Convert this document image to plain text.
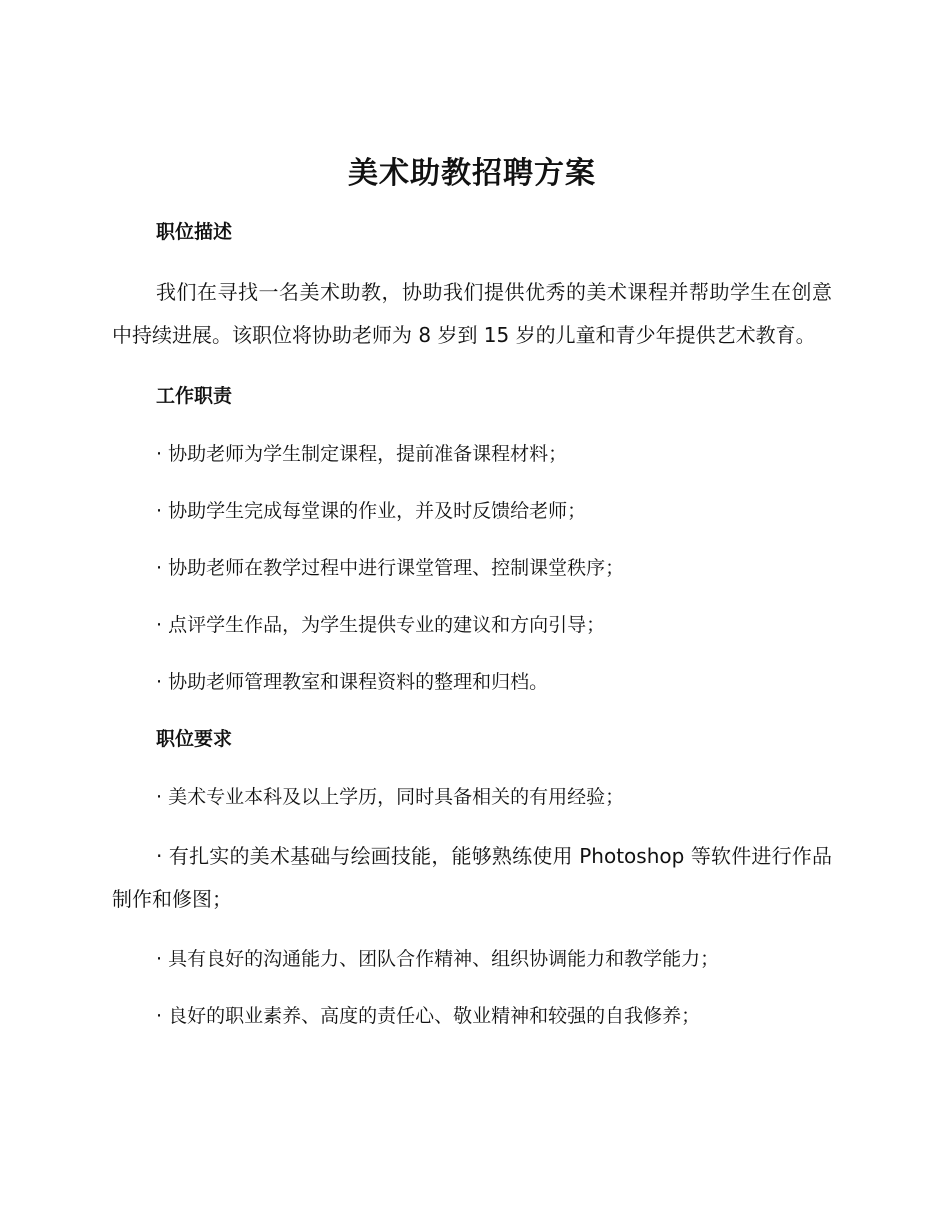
美术助教招聘方案
职位描述

我们在寻找一名美术助教，协助我们提供优秀的美术课程并帮助学生在创意中持续进展。该职位将协助老师为 8 岁到 15 岁的儿童和青少年提供艺术教育。

工作职责
· 协助老师为学生制定课程，提前准备课程材料；
· 协助学生完成每堂课的作业，并及时反馈给老师；
· 协助老师在教学过程中进行课堂管理、控制课堂秩序；
· 点评学生作品，为学生提供专业的建议和方向引导；
· 协助老师管理教室和课程资料的整理和归档。
职位要求
· 美术专业本科及以上学历，同时具备相关的有用经验；

· 有扎实的美术基础与绘画技能，能够熟练使用 Photoshop 等软件进行作品制作和修图；

· 具有良好的沟通能力、团队合作精神、组织协调能力和教学能力；
· 良好的职业素养、高度的责任心、敬业精神和较强的自我修养；
